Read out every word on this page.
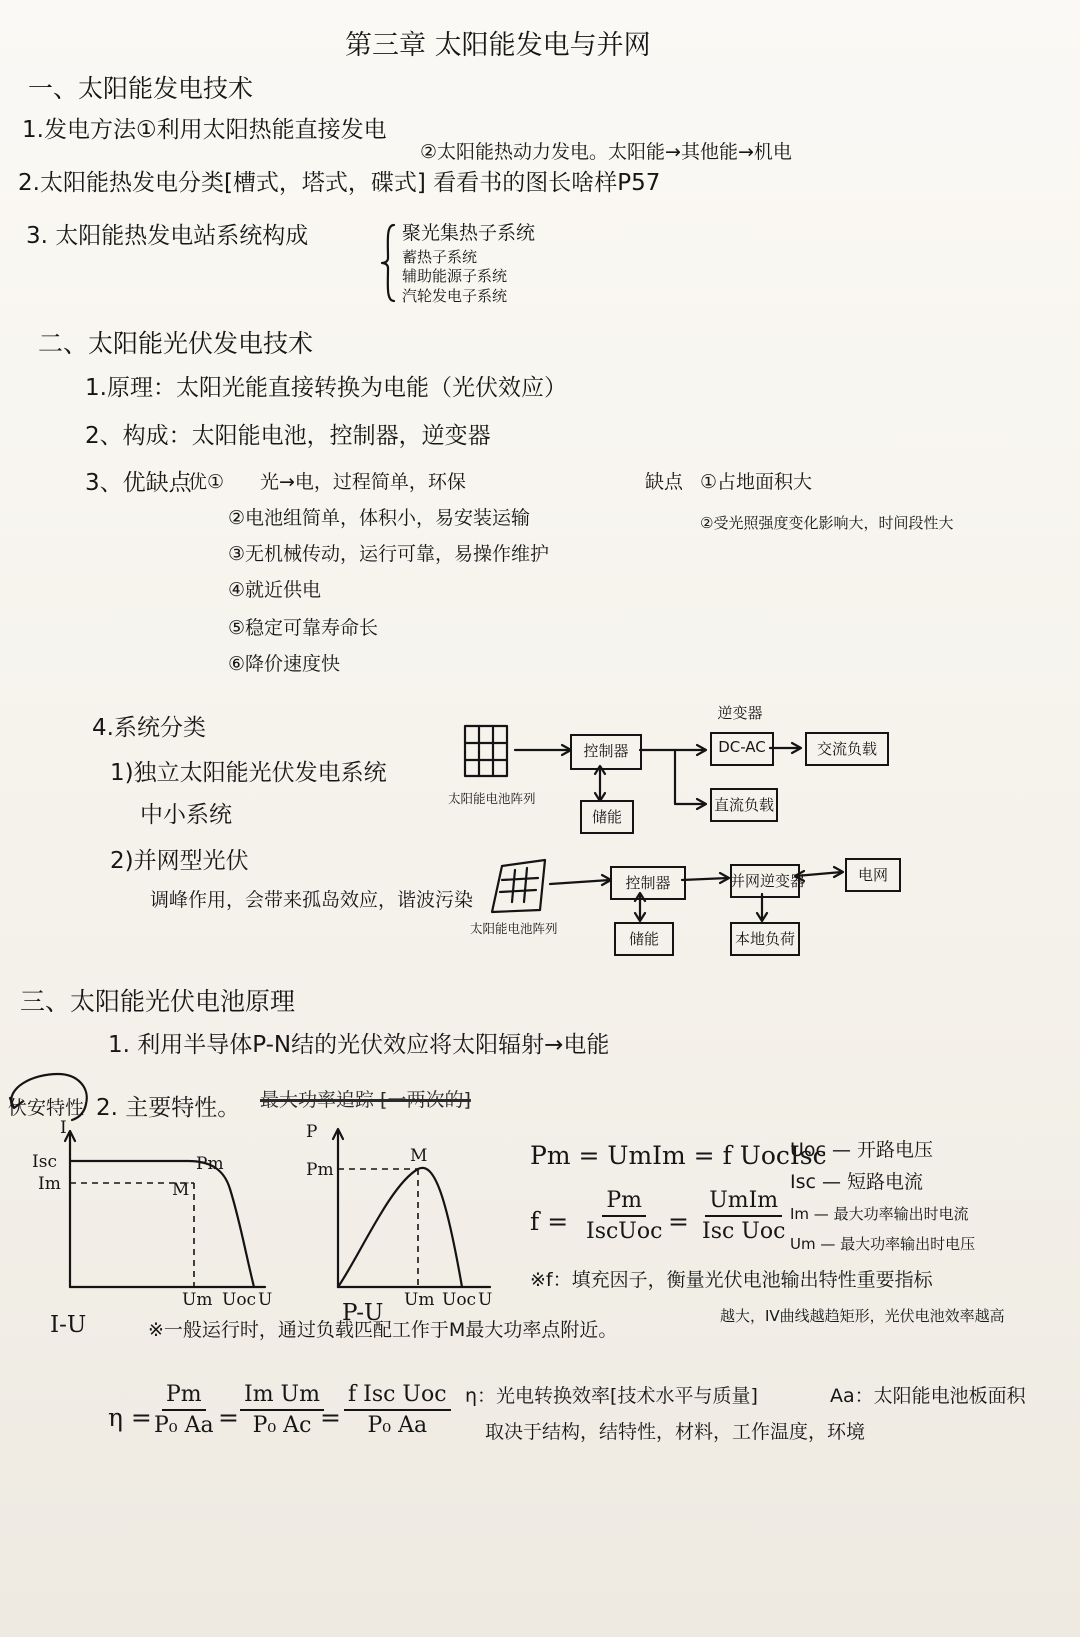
第三章 太阳能发电与并网
一、太阳能发电技术
1.发电方法①利用太阳热能直接发电
②太阳能热动力发电。太阳能→其他能→机电
2.太阳能热发电分类[槽式，塔式，碟式] 看看书的图长啥样P57
3. 太阳能热发电站系统构成	聚光集热子系统
蓄热子系统
辅助能源子系统
汽轮发电子系统
二、太阳能光伏发电技术
1.原理：太阳光能直接转换为电能（光伏效应）
2、构成：太阳能电池，控制器，逆变器
3、优缺点
优① 光→电，过程简单，环保
②电池组简单，体积小，易安装运输
③无机械传动，运行可靠，易操作维护
④就近供电
⑤稳定可靠寿命长
⑥降价速度快
缺点 ①占地面积大
②受光照强度变化影响大，时间段性大
4.系统分类
1)独立太阳能光伏发电系统
中小系统
2)并网型光伏
调峰作用，会带来孤岛效应，谐波污染
控制器
储能
逆变器
DC-AC	交流负载
直流负载
太阳能电池阵列
控制器
储能
并网逆变器	电网
本地负荷
太阳能电池阵列
三、太阳能光伏电池原理
1. 利用半导体P-N结的光伏效应将太阳辐射→电能
伏安特性 2. 主要特性。 最大功率追踪 [一两次的]
I
Isc
Im
Pm
M
Um Uoc U
I-U
P
Pm
M
Um Uoc U
P-U
Pm = UmIm = f UocIsc
f =
Pm
IscUoc =
UmIm
Isc Uoc
Uoc — 开路电压
Isc — 短路电流
Im — 最大功率输出时电流
Um — 最大功率输出时电压
※f：填充因子，衡量光伏电池输出特性重要指标
越大，IV曲线越趋矩形，光伏电池效率越高
※一般运行时，通过负载匹配工作于M最大功率点附近。
η =
$\frac{Pm}{\text{P₀ Aa}} = \frac{\text{Im Um}}{\text{P₀ Ac}}$
=
f Isc Uoc
P₀ Aa
η：光电转换效率[技术水平与质量]	Aa：太阳能电池板面积
取决于结构，结特性，材料，工作温度，环境
